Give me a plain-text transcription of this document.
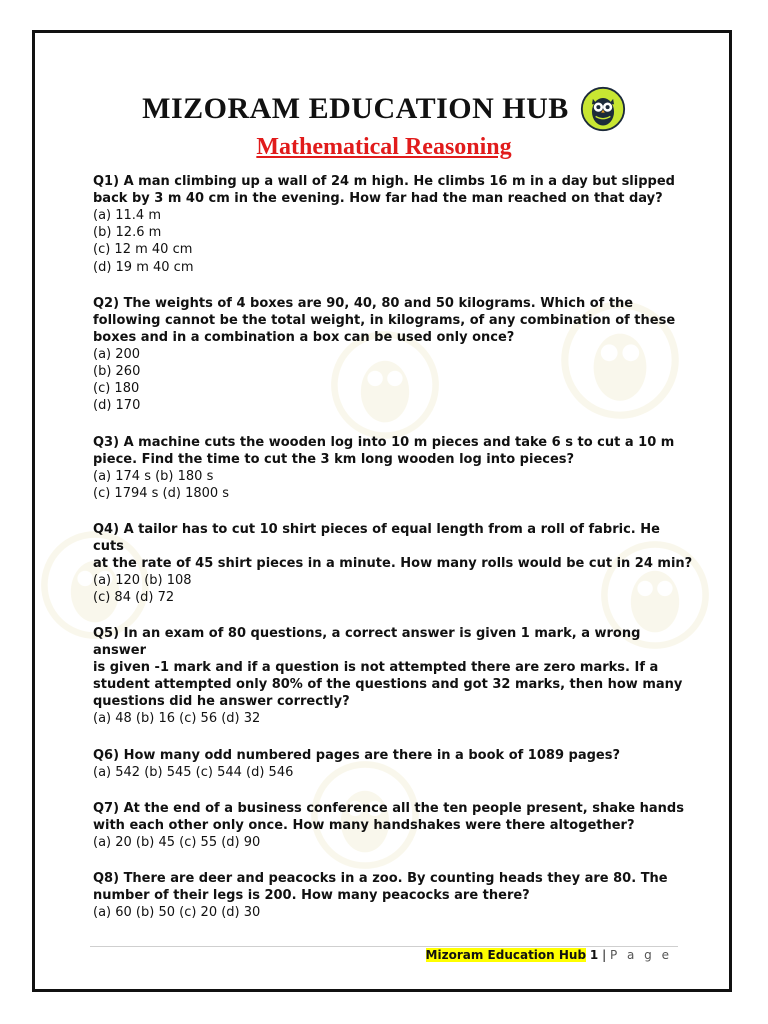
MIZORAM EDUCATION HUB
Mathematical Reasoning
Q1) A man climbing up a wall of 24 m high. He climbs 16 m in a day but slipped
back by 3 m 40 cm in the evening. How far had the man reached on that day?
(a) 11.4 m
(b) 12.6 m
(c) 12 m 40 cm
(d) 19 m 40 cm
Q2) The weights of 4 boxes are 90, 40, 80 and 50 kilograms. Which of the
following cannot be the total weight, in kilograms, of any combination of these
boxes and in a combination a box can be used only once?
(a) 200
(b) 260
(c) 180
(d) 170
Q3) A machine cuts the wooden log into 10 m pieces and take 6 s to cut a 10 m
piece. Find the time to cut the 3 km long wooden log into pieces?
(a) 174 s (b) 180 s
(c) 1794 s (d) 1800 s
Q4) A tailor has to cut 10 shirt pieces of equal length from a roll of fabric. He cuts
at the rate of 45 shirt pieces in a minute. How many rolls would be cut in 24 min?
(a) 120 (b) 108
(c) 84 (d) 72
Q5) In an exam of 80 questions, a correct answer is given 1 mark, a wrong answer
is given -1 mark and if a question is not attempted there are zero marks. If a
student attempted only 80% of the questions and got 32 marks, then how many
questions did he answer correctly?
(a) 48 (b) 16 (c) 56 (d) 32
Q6) How many odd numbered pages are there in a book of 1089 pages?
(a) 542 (b) 545 (c) 544 (d) 546
Q7) At the end of a business conference all the ten people present, shake hands
with each other only once. How many handshakes were there altogether?
(a) 20 (b) 45 (c) 55 (d) 90
Q8) There are deer and peacocks in a zoo. By counting heads they are 80. The
number of their legs is 200. How many peacocks are there?
(a) 60 (b) 50 (c) 20 (d) 30
Mizoram Education Hub 1 | P a g e
